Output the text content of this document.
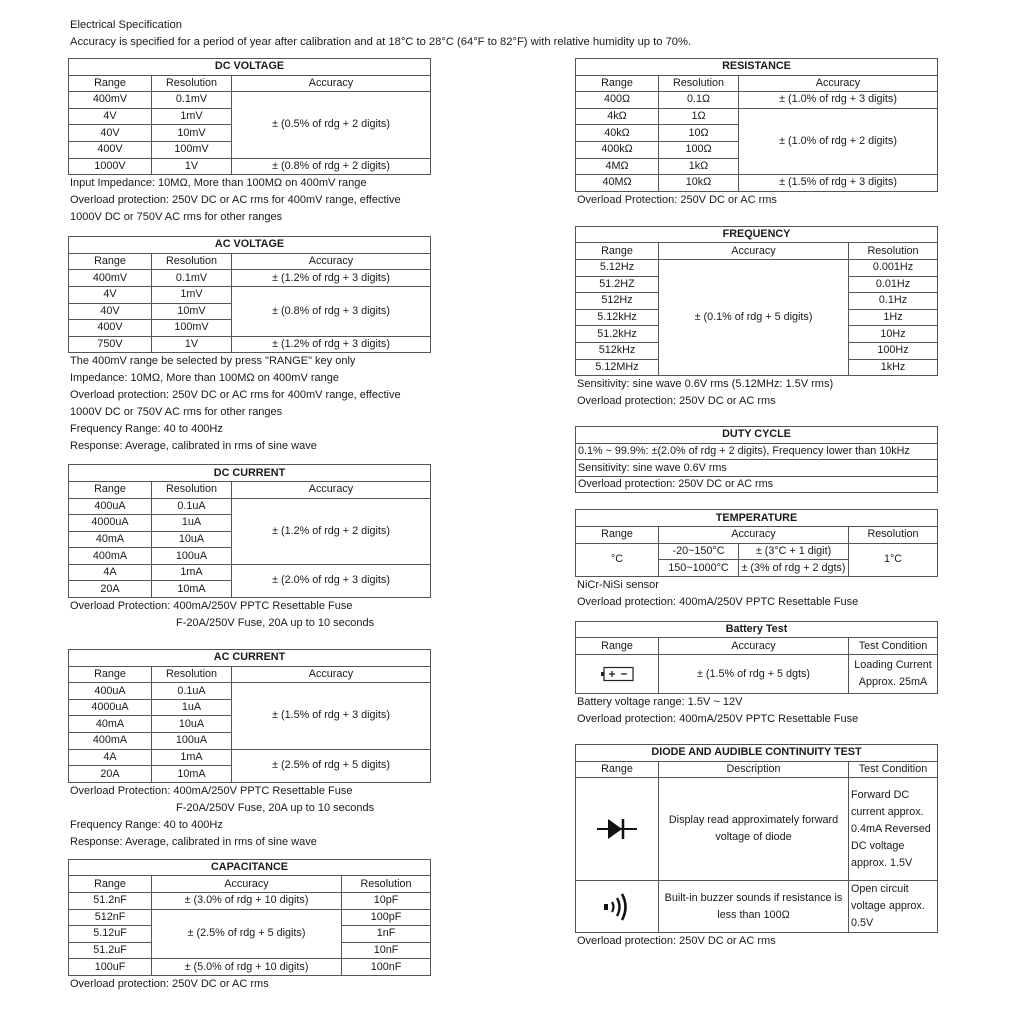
Electrical Specification
Accuracy is specified for a period of year after calibration and at 18°C to 28°C (64°F to 82°F) with relative humidity up to 70%.
DC VOLTAGE		
Range	Resolution	Accuracy
400mV	0.1mV	± (0.5% of rdg + 2 digits)
4V	1mV	
40V	10mV	
400V	100mV	
1000V	1V	± (0.8% of rdg + 2 digits)
Input Impedance: 10MΩ, More than 100MΩ on 400mV range
Overload protection: 250V DC or AC rms for 400mV range, effective
1000V DC or 750V AC rms for other ranges
AC VOLTAGE		
Range	Resolution	Accuracy
400mV	0.1mV	± (1.2% of rdg + 3 digits)
4V	1mV	± (0.8% of rdg + 3 digits)
40V	10mV	
400V	100mV	
750V	1V	± (1.2% of rdg + 3 digits)
The 400mV range be selected by press "RANGE" key only
Impedance: 10MΩ, More than 100MΩ on 400mV range
Overload protection: 250V DC or AC rms for 400mV range, effective
1000V DC or 750V AC rms for other ranges
Frequency Range: 40 to 400Hz
Response: Average, calibrated in rms of sine wave
DC CURRENT		
Range	Resolution	Accuracy
400uA	0.1uA	± (1.2% of rdg + 2 digits)
4000uA	1uA	
40mA	10uA	
400mA	100uA	
4A	1mA	± (2.0% of rdg + 3 digits)
20A	10mA	
Overload Protection: 400mA/250V PPTC Resettable Fuse
F-20A/250V Fuse, 20A up to 10 seconds
AC CURRENT		
Range	Resolution	Accuracy
400uA	0.1uA	± (1.5% of rdg + 3 digits)
4000uA	1uA	
40mA	10uA	
400mA	100uA	
4A	1mA	± (2.5% of rdg + 5 digits)
20A	10mA	
Overload Protection: 400mA/250V PPTC Resettable Fuse
F-20A/250V Fuse, 20A up to 10 seconds
Frequency Range: 40 to 400Hz
Response: Average, calibrated in rms of sine wave
CAPACITANCE		
Range	Accuracy	Resolution
51.2nF	± (3.0% of rdg + 10 digits)	10pF
512nF	± (2.5% of rdg + 5 digits)	100pF
5.12uF		1nF
51.2uF		10nF
100uF	± (5.0% of rdg + 10 digits)	100nF
Overload protection: 250V DC or AC rms
RESISTANCE		
Range	Resolution	Accuracy
400Ω	0.1Ω	± (1.0% of rdg + 3 digits)
4kΩ	1Ω	± (1.0% of rdg + 2 digits)
40kΩ	10Ω	
400kΩ	100Ω	
4MΩ	1kΩ	
40MΩ	10kΩ	± (1.5% of rdg + 3 digits)
Overload Protection: 250V DC or AC rms
FREQUENCY		
Range	Accuracy	Resolution
5.12Hz	± (0.1% of rdg + 5 digits)	0.001Hz
51.2HZ		0.01Hz
512Hz		0.1Hz
5.12kHz		1Hz
51.2kHz		10Hz
512kHz		100Hz
5.12MHz		1kHz
Sensitivity: sine wave 0.6V rms (5.12MHz: 1.5V rms)
Overload protection: 250V DC or AC rms
DUTY CYCLE
0.1% ~ 99.9%: ±(2.0% of rdg + 2 digits), Frequency lower than 10kHz
Sensitivity: sine wave 0.6V rms
Overload protection: 250V DC or AC rms
TEMPERATURE			
Range	Accuracy		Resolution
°C	-20~150°C	± (3°C + 1 digit)	1°C
	150~1000°C	± (3% of rdg + 2 dgts)	
NiCr-NiSi sensor
Overload protection: 400mA/250V PPTC Resettable Fuse
Battery Test		
Range	Accuracy	Test Condition
	± (1.5% of rdg + 5 dgts)	Loading Current
Approx. 25mA
Battery voltage range: 1.5V ~ 12V
Overload protection: 400mA/250V PPTC Resettable Fuse
DIODE AND AUDIBLE CONTINUITY TEST		
Range	Description	Test Condition
	Display read approximately forward voltage of diode	Forward DC current approx. 0.4mA Reversed DC voltage approx. 1.5V
	Built-in buzzer sounds if resistance is less than 100Ω	Open circuit voltage approx. 0.5V
Overload protection: 250V DC or AC rms
